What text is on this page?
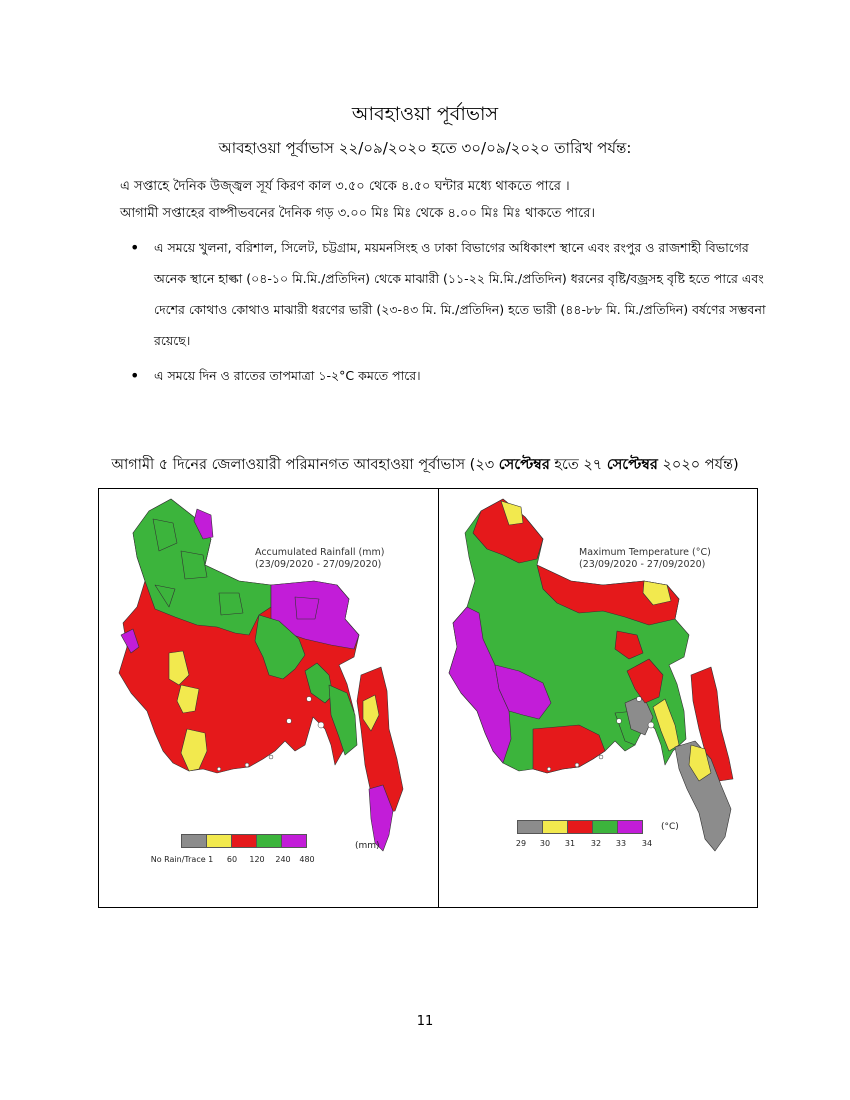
আবহাওয়া পূর্বাভাস
আবহাওয়া পূর্বাভাস ২২/০৯/২০২০ হতে ৩০/০৯/২০২০ তারিখ পর্যন্ত:
এ সপ্তাহে দৈনিক উজ্জ্বল সূর্য কিরণ কাল ৩.৫০ থেকে ৪.৫০ ঘন্টার মধ্যে থাকতে পারে ।
আগামী সপ্তাহের বাষ্পীভবনের দৈনিক গড় ৩.০০ মিঃ মিঃ থেকে ৪.০০ মিঃ মিঃ থাকতে পারে।
• এ সময়ে খুলনা, বরিশাল, সিলেট, চট্টগ্রাম, ময়মনসিংহ ও ঢাকা বিভাগের অধিকাংশ স্থানে এবং রংপুর ও রাজশাহী বিভাগের অনেক স্থানে হাল্কা (০৪-১০ মি.মি./প্রতিদিন) থেকে মাঝারী (১১-২২ মি.মি./প্রতিদিন) ধরনের বৃষ্টি/বজ্রসহ বৃষ্টি হতে পারে এবং দেশের কোথাও কোথাও মাঝারী ধরণের ভারী (২৩-৪৩ মি. মি./প্রতিদিন) হতে ভারী (৪৪-৮৮ মি. মি./প্রতিদিন) বর্ষণের সম্ভবনা রয়েছে।
• এ সময়ে দিন ও রাতের তাপমাত্রা ১-২°C কমতে পারে।
আগামী ৫ দিনের জেলাওয়ারী পরিমানগত আবহাওয়া পূর্বাভাস (২৩ সেপ্টেম্বর হতে ২৭ সেপ্টেম্বর ২০২০ পর্যন্ত)
Accumulated Rainfall (mm)
(23/09/2020 - 27/09/2020)
No Rain/Trace 1 60 120 240 480
(mm)
Maximum Temperature (°C)
(23/09/2020 - 27/09/2020)
29 30 31 32 33 34
(°C)
11
